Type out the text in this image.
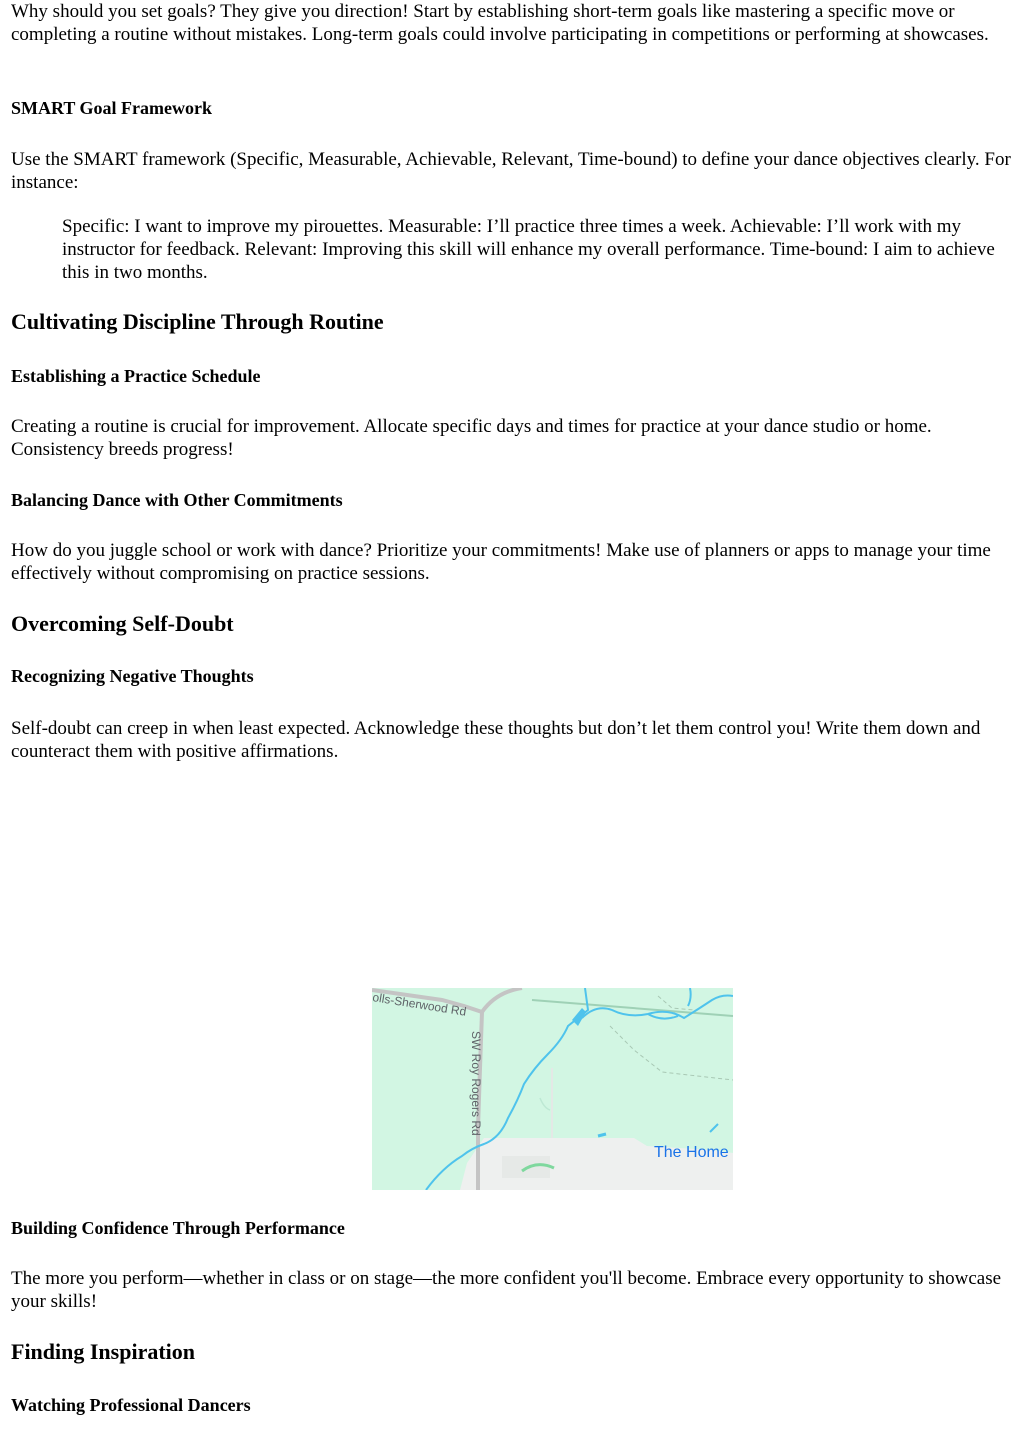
Why should you set goals? They give you direction! Start by establishing short-term goals like mastering a specific move or completing a routine without mistakes. Long-term goals could involve participating in competitions or performing at showcases.

SMART Goal Framework

Use the SMART framework (Specific, Measurable, Achievable, Relevant, Time-bound) to define your dance objectives clearly. For instance:

Specific: I want to improve my pirouettes. Measurable: I’ll practice three times a week. Achievable: I’ll work with my instructor for feedback. Relevant: Improving this skill will enhance my overall performance. Time-bound: I aim to achieve this in two months.
Cultivating Discipline Through Routine
Establishing a Practice Schedule

Creating a routine is crucial for improvement. Allocate specific days and times for practice at your dance studio or home. Consistency breeds progress!

Balancing Dance with Other Commitments

How do you juggle school or work with dance? Prioritize your commitments! Make use of planners or apps to manage your time effectively without compromising on practice sessions.

Overcoming Self-Doubt
Recognizing Negative Thoughts

Self-doubt can creep in when least expected. Acknowledge these thoughts but don’t let them control you! Write them down and counteract them with positive affirmations.

Building Confidence Through Performance

The more you perform—whether in class or on stage—the more confident you'll become. Embrace every opportunity to showcase your skills!

Finding Inspiration
Watching Professional Dancers
olls-Sherwood Rd
SW Roy Rogers Rd
The Home
